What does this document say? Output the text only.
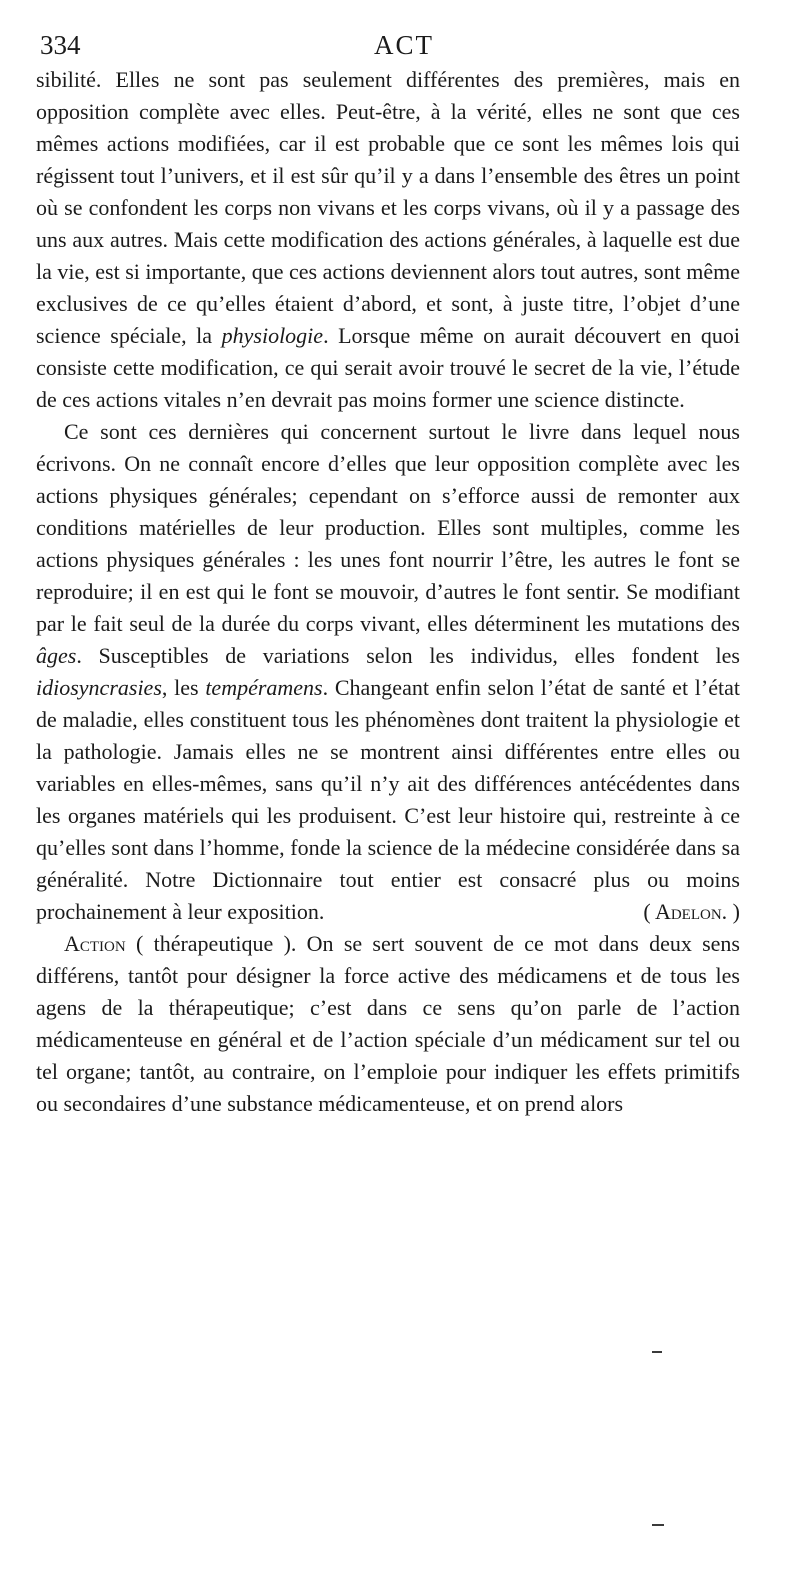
334	ACT

sibilité. Elles ne sont pas seulement différentes des premières, mais en opposition complète avec elles. Peut-être, à la vérité, elles ne sont que ces mêmes actions modifiées, car il est probable que ce sont les mêmes lois qui régissent tout l’univers, et il est sûr qu’il y a dans l’ensemble des êtres un point où se confondent les corps non vivans et les corps vivans, où il y a passage des uns aux autres. Mais cette modification des actions générales, à laquelle est due la vie, est si importante, que ces actions deviennent alors tout autres, sont même exclusives de ce qu’elles étaient d’abord, et sont, à juste titre, l’objet d’une science spéciale, la physiologie. Lorsque même on aurait découvert en quoi consiste cette modification, ce qui serait avoir trouvé le secret de la vie, l’étude de ces actions vitales n’en devrait pas moins former une science distincte.

Ce sont ces dernières qui concernent surtout le livre dans lequel nous écrivons. On ne connaît encore d’elles que leur opposition complète avec les actions physiques générales; cependant on s’efforce aussi de remonter aux conditions matérielles de leur production. Elles sont multiples, comme les actions physiques générales : les unes font nourrir l’être, les autres le font se reproduire; il en est qui le font se mouvoir, d’autres le font sentir. Se modifiant par le fait seul de la durée du corps vivant, elles déterminent les mutations des âges. Susceptibles de variations selon les individus, elles fondent les idiosyncrasies, les tempéramens. Changeant enfin selon l’état de santé et l’état de maladie, elles constituent tous les phénomènes dont traitent la physiologie et la pathologie. Jamais elles ne se montrent ainsi différentes entre elles ou variables en elles-mêmes, sans qu’il n’y ait des différences antécédentes dans les organes matériels qui les produisent. C’est leur histoire qui, restreinte à ce qu’elles sont dans l’homme, fonde la science de la médecine considérée dans sa généralité. Notre Dictionnaire tout entier est consacré plus ou moins prochainement à leur exposition.	( Adelon. )

Action ( thérapeutique ). On se sert souvent de ce mot dans deux sens différens, tantôt pour désigner la force active des médicamens et de tous les agens de la thérapeutique; c’est dans ce sens qu’on parle de l’action médicamenteuse en général et de l’action spéciale d’un médicament sur tel ou tel organe; tantôt, au contraire, on l’emploie pour indiquer les effets primitifs ou secondaires d’une substance médicamenteuse, et on prend alors
